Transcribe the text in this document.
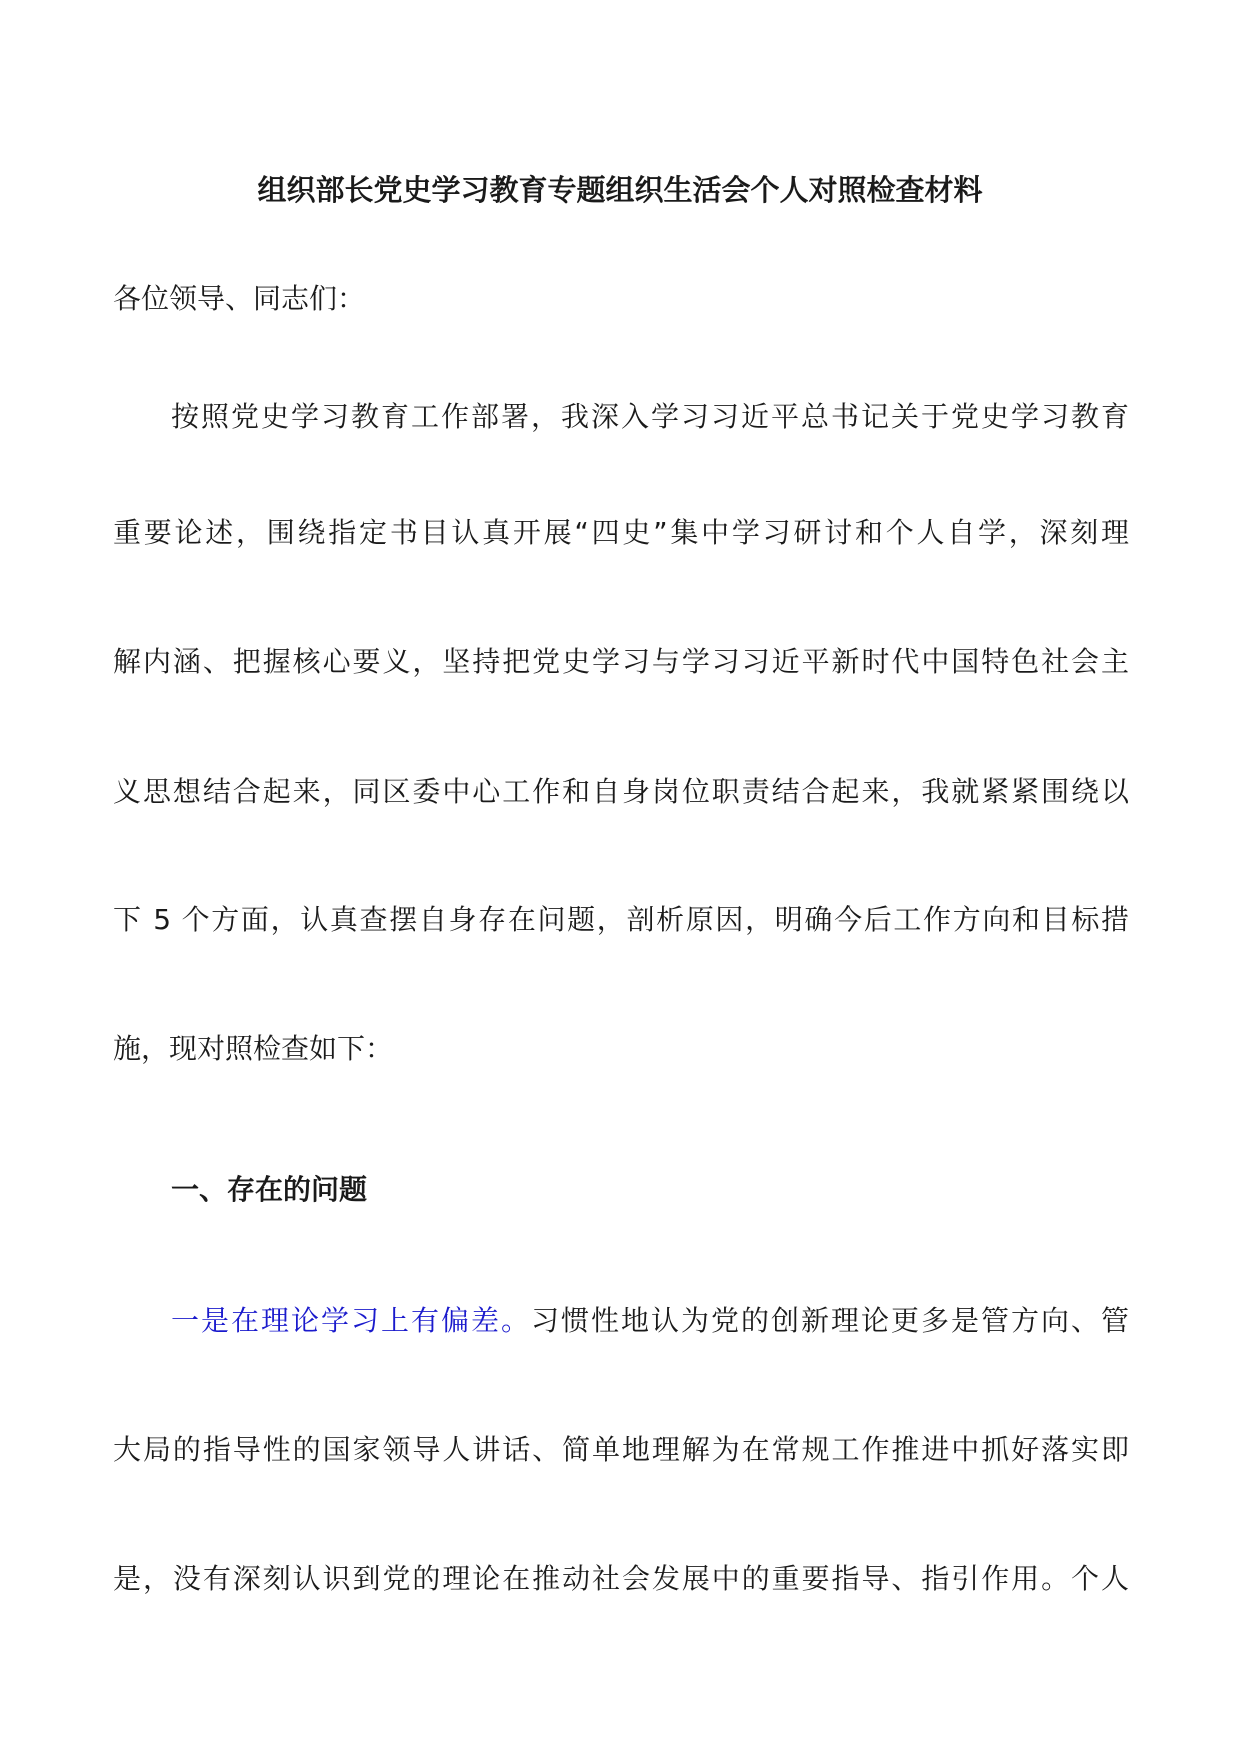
组织部长党史学习教育专题组织生活会个人对照检查材料
各位领导、同志们：
按照党史学习教育工作部署，我深入学习习近平总书记关于党史学习教育
重要论述，围绕指定书目认真开展“四史”集中学习研讨和个人自学，深刻理
解内涵、把握核心要义，坚持把党史学习与学习习近平新时代中国特色社会主
义思想结合起来，同区委中心工作和自身岗位职责结合起来，我就紧紧围绕以
下 5 个方面，认真查摆自身存在问题，剖析原因，明确今后工作方向和目标措
施，现对照检查如下：
一、存在的问题
一是在理论学习上有偏差。习惯性地认为党的创新理论更多是管方向、管
大局的指导性的国家领导人讲话、简单地理解为在常规工作推进中抓好落实即
是，没有深刻认识到党的理论在推动社会发展中的重要指导、指引作用。个人
